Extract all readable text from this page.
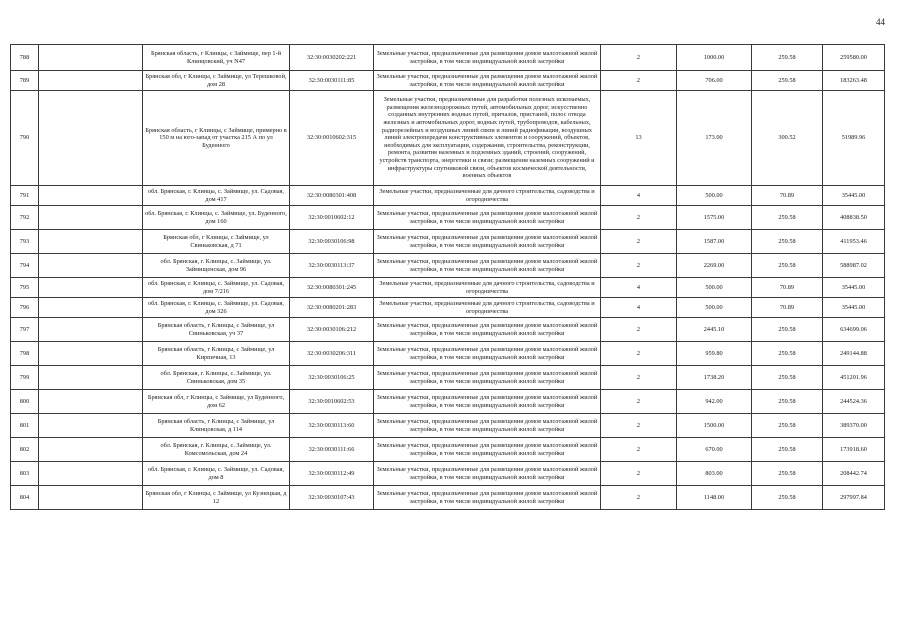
44
788		Брянская область, г Клинцы, с Займище, пер 1-й Клинцовский, уч N47	32:30:0030202:221	Земельные участки, предназначенные для размещения домов малоэтажной жилой застройки, в том числе индивидуальной жилой застройки	2	1000.00	259.58	259580.00
789		Брянская обл, г Клинцы, с Займище, ул Терешковой, дом 28	32:30:0030111:85	Земельные участки, предназначенные для размещения домов малоэтажной жилой застройки, в том числе индивидуальной жилой застройки	2	706.00	259.58	183263.48
790		Брянская область, г Клинцы, с Займище, примерно в 150 м на юго-запад от участка 215 А по ул Буденного	32:30:0010602:315	Земельные участки, предназначенные для разработки полезных ископаемых, размещения железнодорожных путей, автомобильных дорог, искусственно созданных внутренних водных путей, причалов, пристаней, полос отвода железных и автомобильных дорог, водных путей, трубопроводов, кабельных, радиорелейных и воздушных линий связи и линий радиофикации, воздушных линий электропередачи конструктивных элементов и сооружений, объектов, необходимых для эксплуатации, содержания, строительства, реконструкции, ремонта, развития наземных и подземных зданий, строений, сооружений, устройств транспорта, энергетики и связи; размещения наземных сооружений и инфраструктуры спутниковой связи, объектов космической деятельности, военных объектов	13	173.00	300.52	51989.96
791		обл. Брянская, г. Клинцы, с. Займище, ул. Садовая, дом 417	32:30:0080301:408	Земельные участки, предназначенные для дачного строительства, садоводства и огородничества	4	500.00	70.89	35445.00
792		обл. Брянская, г. Клинцы, с. Займище, ул. Буденного, дом 160	32:30:0010602:12	Земельные участки, предназначенные для размещения домов малоэтажной жилой застройки, в том числе индивидуальной жилой застройки	2	1575.00	259.58	408838.50
793		Брянская обл, г Клинцы, с Займище, ул Свиньковская, д 71	32:30:0030106:98	Земельные участки, предназначенные для размещения домов малоэтажной жилой застройки, в том числе индивидуальной жилой застройки	2	1587.00	259.58	411953.46
794		обл. Брянская, г. Клинцы, с. Займище, ул. Займищенская, дом 96	32:30:0030113:37	Земельные участки, предназначенные для размещения домов малоэтажной жилой застройки, в том числе индивидуальной жилой застройки	2	2269.00	259.58	588987.02
795		обл. Брянская, г. Клинцы, с. Займище, ул. Садовая, дом 7/216	32:30:0080301:245	Земельные участки, предназначенные для дачного строительства, садоводства и огородничества	4	500.00	70.89	35445.00
796		обл. Брянская, г. Клинцы, с. Займище, ул. Садовая, дом 326	32:30:0080201:283	Земельные участки, предназначенные для дачного строительства, садоводства и огородничества	4	500.00	70.89	35445.00
797		Брянская область, г Клинцы, с Займище, ул Свиньковская, уч 37	32:30:0030106:212	Земельные участки, предназначенные для размещения домов малоэтажной жилой застройки, в том числе индивидуальной жилой застройки	2	2445.10	259.58	634699.06
798		Брянская область, г Клинцы, с Займище, ул Кирпичная, 13	32:30:0030206:311	Земельные участки, предназначенные для размещения домов малоэтажной жилой застройки, в том числе индивидуальной жилой застройки	2	959.80	259.58	249144.88
799		обл. Брянская, г. Клинцы, с. Займище, ул. Свиньковская, дом 35	32:30:0030106:25	Земельные участки, предназначенные для размещения домов малоэтажной жилой застройки, в том числе индивидуальной жилой застройки	2	1738.20	259.58	451201.96
800		Брянская обл, г Клинцы, с Займище, ул Буденного, дом 62	32:30:0010602:53	Земельные участки, предназначенные для размещения домов малоэтажной жилой застройки, в том числе индивидуальной жилой застройки	2	942.00	259.58	244524.36
801		Брянская область, г Клинцы, с Займище, ул Клинцовская, д 114	32:30:0030113:60	Земельные участки, предназначенные для размещения домов малоэтажной жилой застройки, в том числе индивидуальной жилой застройки	2	1500.00	259.58	389370.00
802		обл. Брянская, г. Клинцы, с. Займище, ул. Комсомольская, дом 24	32:30:0030111:66	Земельные участки, предназначенные для размещения домов малоэтажной жилой застройки, в том числе индивидуальной жилой застройки	2	670.00	259.58	173918.60
803		обл. Брянская, г. Клинцы, с. Займище, ул. Садовая, дом 8	32:30:0030112:49	Земельные участки, предназначенные для размещения домов малоэтажной жилой застройки, в том числе индивидуальной жилой застройки	2	803.00	259.58	208442.74
804		Брянская обл, г Клинцы, с Займище, ул Кузнецкая, д 12	32:30:0030107:43	Земельные участки, предназначенные для размещения домов малоэтажной жилой застройки, в том числе индивидуальной жилой застройки	2	1148.00	259.58	297997.84
